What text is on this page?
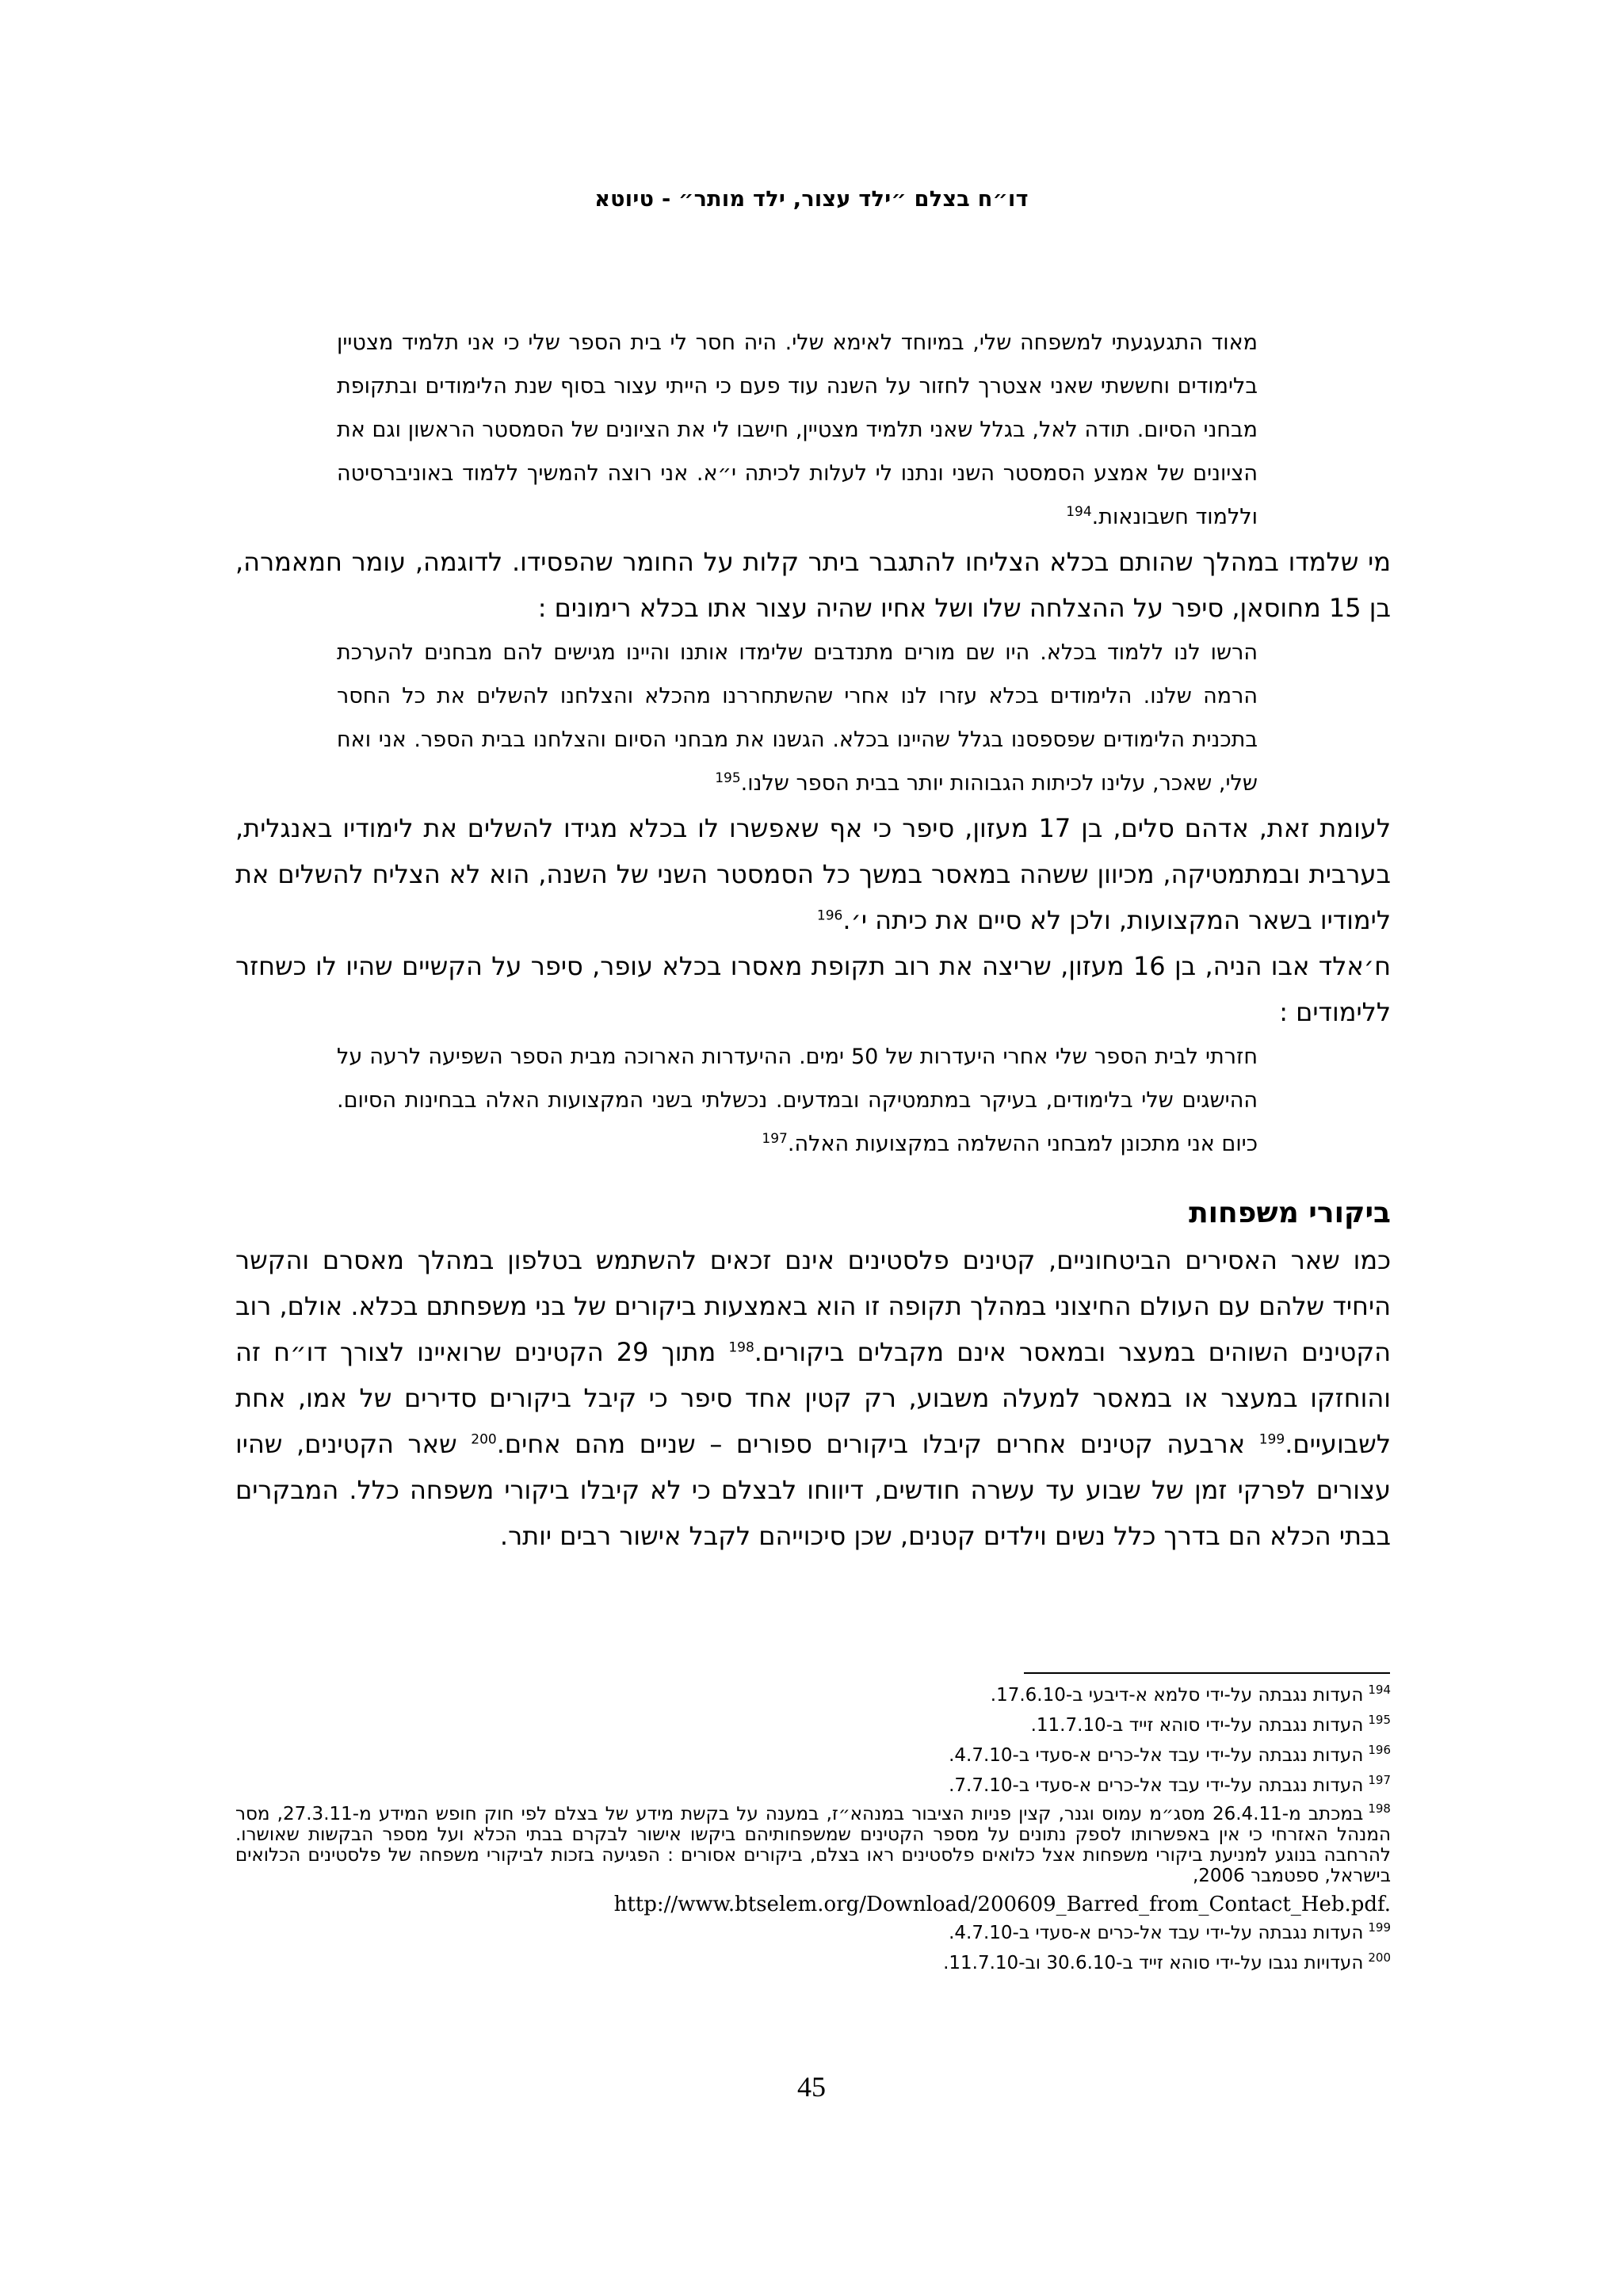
דו״ח בצלם ״ילד עצור, ילד מותר״ - טיוטא

מאוד התגעגעתי למשפחה שלי, במיוחד לאימא שלי. היה חסר לי בית הספר שלי כי אני תלמיד מצטיין בלימודים וחששתי שאני אצטרך לחזור על השנה עוד פעם כי הייתי עצור בסוף שנת הלימודים ובתקופת מבחני הסיום. תודה לאל, בגלל שאני תלמיד מצטיין, חישבו לי את הציונים של הסמסטר הראשון וגם את הציונים של אמצע הסמסטר השני ונתנו לי לעלות לכיתה י״א. אני רוצה להמשיך ללמוד באוניברסיטה וללמוד חשבונאות.$^{194}$

מי שלמדו במהלך שהותם בכלא הצליחו להתגבר ביתר קלות על החומר שהפסידו. לדוגמה, עומר חמאמרה, בן 15 מחוסאן, סיפר על ההצלחה שלו ושל אחיו שהיה עצור אתו בכלא רימונים :

הרשו לנו ללמוד בכלא. היו שם מורים מתנדבים שלימדו אותנו והיינו מגישים להם מבחנים להערכת הרמה שלנו. הלימודים בכלא עזרו לנו אחרי שהשתחררנו מהכלא והצלחנו להשלים את כל החסר בתכנית הלימודים שפספסנו בגלל שהיינו בכלא. הגשנו את מבחני הסיום והצלחנו בבית הספר. אני ואח שלי, שאכר, עלינו לכיתות הגבוהות יותר בבית הספר שלנו.$^{195}$

לעומת זאת, אדהם סלים, בן 17 מעזון, סיפר כי אף שאפשרו לו בכלא מגידו להשלים את לימודיו באנגלית, בערבית ובמתמטיקה, מכיוון ששהה במאסר במשך כל הסמסטר השני של השנה, הוא לא הצליח להשלים את לימודיו בשאר המקצועות, ולכן לא סיים את כיתה י׳.$^{196}$

ח׳אלד אבו הניה, בן 16 מעזון, שריצה את רוב תקופת מאסרו בכלא עופר, סיפר על הקשיים שהיו לו כשחזר ללימודים :

חזרתי לבית הספר שלי אחרי היעדרות של 50 ימים. ההיעדרות הארוכה מבית הספר השפיעה לרעה על ההישגים שלי בלימודים, בעיקר במתמטיקה ובמדעים. נכשלתי בשני המקצועות האלה בבחינות הסיום. כיום אני מתכונן למבחני ההשלמה במקצועות האלה.$^{197}$

ביקורי משפחות

כמו שאר האסירים הביטחוניים, קטינים פלסטינים אינם זכאים להשתמש בטלפון במהלך מאסרם והקשר היחיד שלהם עם העולם החיצוני במהלך תקופה זו הוא באמצעות ביקורים של בני משפחתם בכלא. אולם, רוב הקטינים השוהים במעצר ובמאסר אינם מקבלים ביקורים.$^{198}$ מתוך 29 הקטינים שרואיינו לצורך דו״ח זה והוחזקו במעצר או במאסר למעלה משבוע, רק קטין אחד סיפר כי קיבל ביקורים סדירים של אמו, אחת לשבועיים.$^{199}$ ארבעה קטינים אחרים קיבלו ביקורים ספורים – שניים מהם אחים.$^{200}$ שאר הקטינים, שהיו עצורים לפרקי זמן של שבוע עד עשרה חודשים, דיווחו לבצלם כי לא קיבלו ביקורי משפחה כלל. המבקרים בבתי הכלא הם בדרך כלל נשים וילדים קטנים, שכן סיכוייהם לקבל אישור רבים יותר.

$^{194}$העדות נגבתה על-ידי סלמא א-דיבעי ב-17.6.10.
$^{195}$העדות נגבתה על-ידי סוהא זייד ב-11.7.10.
$^{196}$העדות נגבתה על-ידי עבד אל-כרים א-סעדי ב-4.7.10.
$^{197}$העדות נגבתה על-ידי עבד אל-כרים א-סעדי ב-7.7.10.
$^{198}$במכתב מ-26.4.11 מסג״מ עמוס וגנר, קצין פניות הציבור במנהא״ז, במענה על בקשת מידע של בצלם לפי חוק חופש המידע מ-27.3.11, מסר המנהל האזרחי כי אין באפשרותו לספק נתונים על מספר הקטינים שמשפחותיהם ביקשו אישור לבקרם בבתי הכלא ועל מספר הבקשות שאושרו. להרחבה בנוגע למניעת ביקורי משפחות אצל כלואים פלסטינים ראו בצלם, ביקורים אסורים : הפגיעה בזכות לביקורי משפחה של פלסטינים הכלואים בישראל, ספטמבר 2006,
http://www.btselem.org/Download/200609_Barred_from_Contact_Heb.pdf.
$^{199}$העדות נגבתה על-ידי עבד אל-כרים א-סעדי ב-4.7.10.
$^{200}$העדויות נגבו על-ידי סוהא זייד ב-30.6.10 וב-11.7.10.
45
